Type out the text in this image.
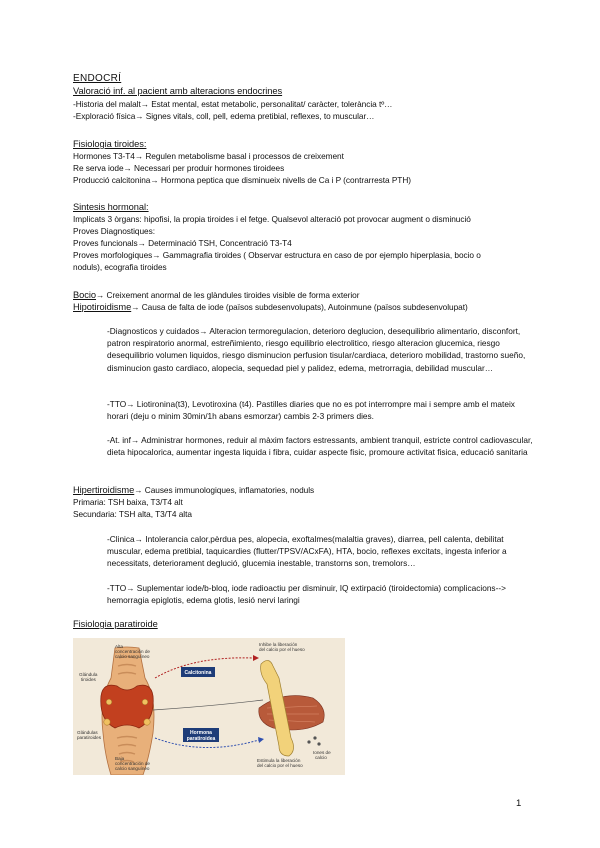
ENDOCRÍ
Valoració inf. al pacient amb alteracions endocrines
-Historia del malalt→ Estat mental, estat metabolic, personalitat/ caràcter, tolerància tº…
-Exploració física→ Signes vitals, coll, pell, edema pretibial, reflexes, to muscular…
Fisiologia tiroides:
Hormones T3-T4→ Regulen metabolisme basal i processos de creixement
Re serva iode→ Necessari per produir hormones tiroidees
Producció calcitonina→ Hormona peptica que disminueix nivells de Ca i P (contrarresta PTH)
Sintesis hormonal:
Implicats 3 òrgans: hipofisi, la propia tiroides i el fetge. Qualsevol alteració pot provocar augment o disminució
Proves Diagnostiques:
Proves funcionals→ Determinació TSH, Concentració T3-T4
Proves morfologiques→ Gammagrafia tiroides ( Observar estructura en caso de por ejemplo hiperplasia, bocio o
noduls), ecografia tiroides
Bocio→ Creixement anormal de les glàndules tiroides visible de forma exterior
Hipotiroidisme→ Causa de falta de iode (països subdesenvolupats), Autoinmune (països subdesenvolupat)
-Diagnosticos y cuidados→ Alteracion termoregulacion, deterioro deglucion, desequilibrio alimentario, disconfort, patron respiratorio anormal, estreñimiento, riesgo equilibrio electrolitico, riesgo alteracion glucemica, riesgo desequilibrio volumen liquidos, riesgo disminucion perfusion tisular/cardiaca, deterioro mobilidad, trastorno sueño, disminucion gasto cardiaco, alopecia, sequedad piel y palidez, edema, metrorragia, debilidad muscular…
-TTO→ Liotironina(t3), Levotiroxina (t4). Pastilles diaries que no es pot interrompre mai i sempre amb el mateix horari (deju o minim 30min/1h abans esmorzar) cambis 2-3 primers dies.
-At. inf→ Administrar hormones, reduir al màxim factors estressants, ambient tranquil, estricte control cadiovascular, dieta hipocalorica, aumentar ingesta liquida i fibra, cuidar aspecte fisic, promoure activitat fisica, educació sanitaria
Hipertiroidisme→ Causes immunologiques, inflamatories, noduls
Primaria: TSH baixa, T3/T4 alt
Secundaria: TSH alta, T3/T4 alta
-Clinica→ Intolerancia calor,pèrdua pes, alopecia, exoftalmes(malaltia graves), diarrea, pell calenta, debilitat muscular, edema pretibial, taquicardies (flutter/TPSV/ACxFA), HTA, bocio, reflexes excitats, ingesta inferior a necessitats, deteriorament deglució, glucemia inestable, transtorns son, tremolors…
-TTO→ Suplementar iode/b-bloq, iode radioactiu per disminuir, IQ extirpació (tiroidectomia) complicacions--> hemorragia epiglotis, edema glotis, lesió nervi laringi
Fisiologia paratiroide
Calcitonina
Hormona
paratiroidea
Alta
concentración de
calcio sanguíneo
Inhibe la liberación
del calcio por el hueso
Glándula
tiroides
Glándulas
paratiroides
Baja
concentración de
calcio sanguíneo
Estimula la liberación
del calcio por el hueso
Iones de
calcio
1
